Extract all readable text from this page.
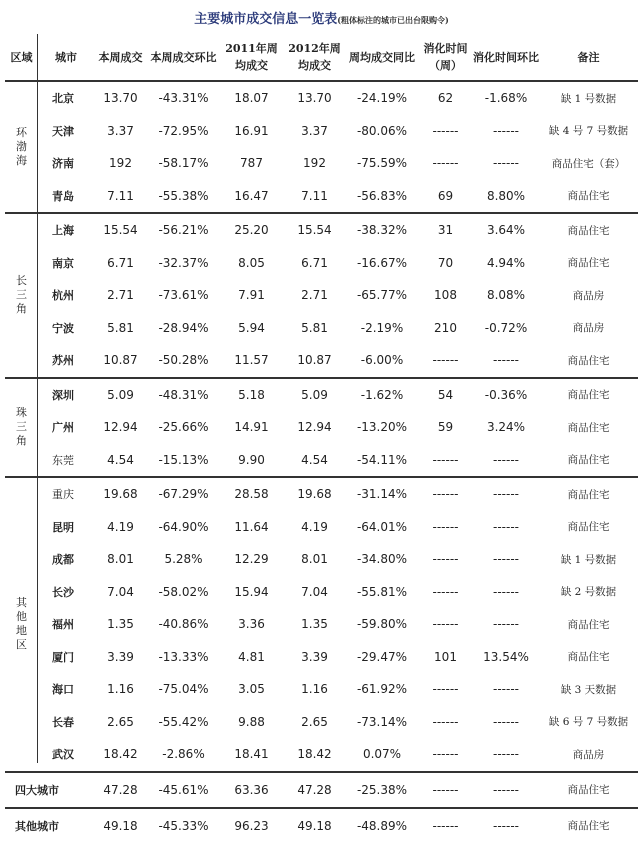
主要城市成交信息一览表(粗体标注的城市已出台限购令)
区域	城市	本周成交	本周成交环比	2011年周均成交	2012年周均成交	周均成交同比	消化时间（周）	消化时间环比	备注
环渤海	北京	13.70	-43.31%	18.07	13.70	-24.19%	62	-1.68%	缺 1 号数据
	天津	3.37	-72.95%	16.91	3.37	-80.06%	------	------	缺 4 号 7 号数据
	济南	192	-58.17%	787	192	-75.59%	------	------	商品住宅（套）
	青岛	7.11	-55.38%	16.47	7.11	-56.83%	69	8.80%	商品住宅
长三角	上海	15.54	-56.21%	25.20	15.54	-38.32%	31	3.64%	商品住宅
	南京	6.71	-32.37%	8.05	6.71	-16.67%	70	4.94%	商品住宅
	杭州	2.71	-73.61%	7.91	2.71	-65.77%	108	8.08%	商品房
	宁波	5.81	-28.94%	5.94	5.81	-2.19%	210	-0.72%	商品房
	苏州	10.87	-50.28%	11.57	10.87	-6.00%	------	------	商品住宅
珠三角	深圳	5.09	-48.31%	5.18	5.09	-1.62%	54	-0.36%	商品住宅
	广州	12.94	-25.66%	14.91	12.94	-13.20%	59	3.24%	商品住宅
	东莞	4.54	-15.13%	9.90	4.54	-54.11%	------	------	商品住宅
其他地区	重庆	19.68	-67.29%	28.58	19.68	-31.14%	------	------	商品住宅
	昆明	4.19	-64.90%	11.64	4.19	-64.01%	------	------	商品住宅
	成都	8.01	5.28%	12.29	8.01	-34.80%	------	------	缺 1 号数据
	长沙	7.04	-58.02%	15.94	7.04	-55.81%	------	------	缺 2 号数据
	福州	1.35	-40.86%	3.36	1.35	-59.80%	------	------	商品住宅
	厦门	3.39	-13.33%	4.81	3.39	-29.47%	101	13.54%	商品住宅
	海口	1.16	-75.04%	3.05	1.16	-61.92%	------	------	缺 3 天数据
	长春	2.65	-55.42%	9.88	2.65	-73.14%	------	------	缺 6 号 7 号数据
	武汉	18.42	-2.86%	18.41	18.42	0.07%	------	------	商品房
四大城市		47.28	-45.61%	63.36	47.28	-25.38%	------	------	商品住宅
其他城市		49.18	-45.33%	96.23	49.18	-48.89%	------	------	商品住宅
